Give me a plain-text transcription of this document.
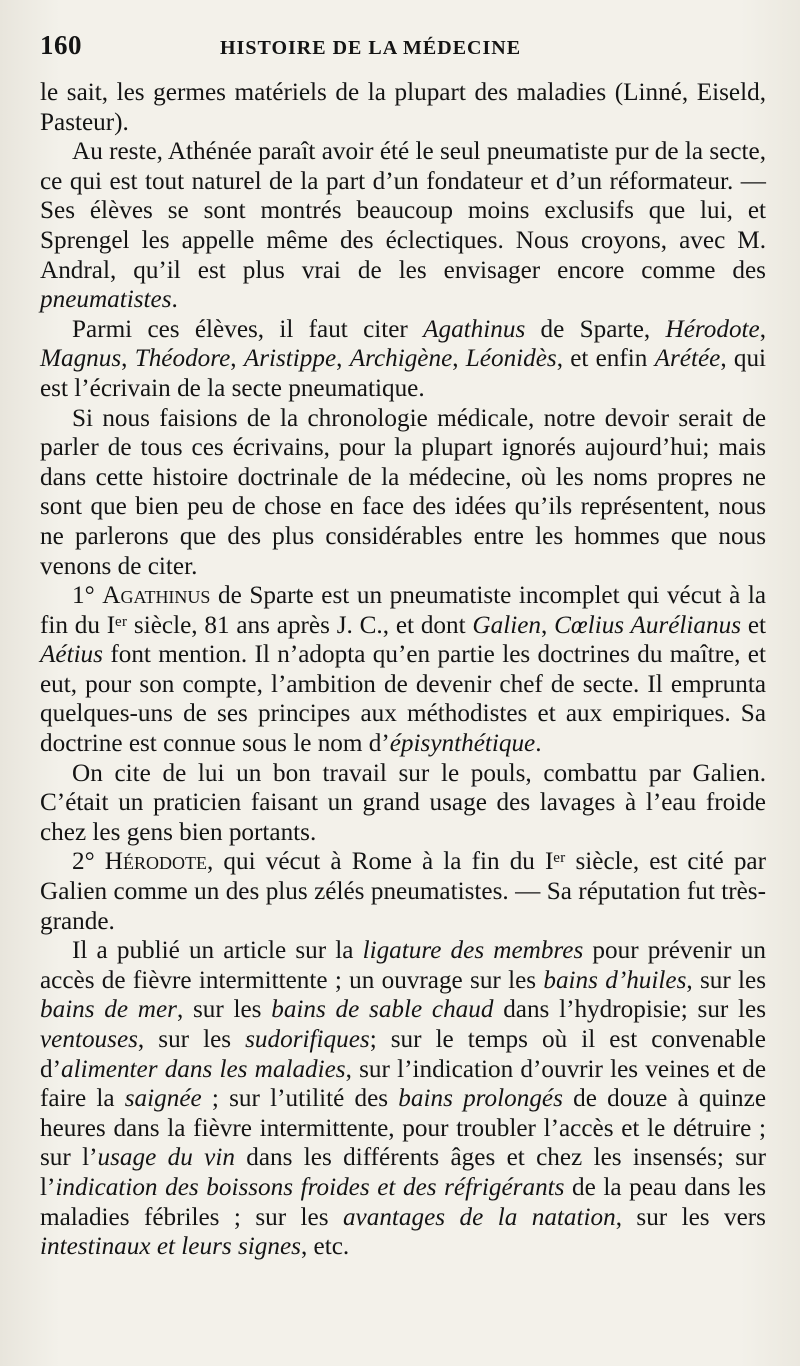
160	HISTOIRE DE LA MÉDECINE

le sait, les germes matériels de la plupart des maladies (Linné, Eiseld, Pasteur).

Au reste, Athénée paraît avoir été le seul pneumatiste pur de la secte, ce qui est tout naturel de la part d’un fondateur et d’un réformateur. — Ses élèves se sont montrés beaucoup moins exclusifs que lui, et Sprengel les appelle même des éclectiques. Nous croyons, avec M. Andral, qu’il est plus vrai de les envisager encore comme des pneumatistes.

Parmi ces élèves, il faut citer Agathinus de Sparte, Hérodote, Magnus, Théodore, Aristippe, Archigène, Léonidès, et enfin Arétée, qui est l’écrivain de la secte pneumatique.

Si nous faisions de la chronologie médicale, notre devoir serait de parler de tous ces écrivains, pour la plupart ignorés aujourd’hui; mais dans cette histoire doctrinale de la médecine, où les noms propres ne sont que bien peu de chose en face des idées qu’ils représentent, nous ne parlerons que des plus considérables entre les hommes que nous venons de citer.

1° Agathinus de Sparte est un pneumatiste incomplet qui vécut à la fin du Iᵉʳ siècle, 81 ans après J. C., et dont Galien, Cœlius Aurélianus et Aétius font mention. Il n’adopta qu’en partie les doctrines du maître, et eut, pour son compte, l’ambition de devenir chef de secte. Il emprunta quelques-uns de ses principes aux méthodistes et aux empiriques. Sa doctrine est connue sous le nom d’épisynthétique.

On cite de lui un bon travail sur le pouls, combattu par Galien. C’était un praticien faisant un grand usage des lavages à l’eau froide chez les gens bien portants.

2° Hérodote, qui vécut à Rome à la fin du Iᵉʳ siècle, est cité par Galien comme un des plus zélés pneumatistes. — Sa réputation fut très-grande.

Il a publié un article sur la ligature des membres pour prévenir un accès de fièvre intermittente ; un ouvrage sur les bains d’huiles, sur les bains de mer, sur les bains de sable chaud dans l’hydropisie; sur les ventouses, sur les sudorifiques; sur le temps où il est convenable d’alimenter dans les maladies, sur l’indication d’ouvrir les veines et de faire la saignée ; sur l’utilité des bains prolongés de douze à quinze heures dans la fièvre intermittente, pour troubler l’accès et le détruire ; sur l’usage du vin dans les différents âges et chez les insensés; sur l’indication des boissons froides et des réfrigérants de la peau dans les maladies fébriles ; sur les avantages de la natation, sur les vers intestinaux et leurs signes, etc.
